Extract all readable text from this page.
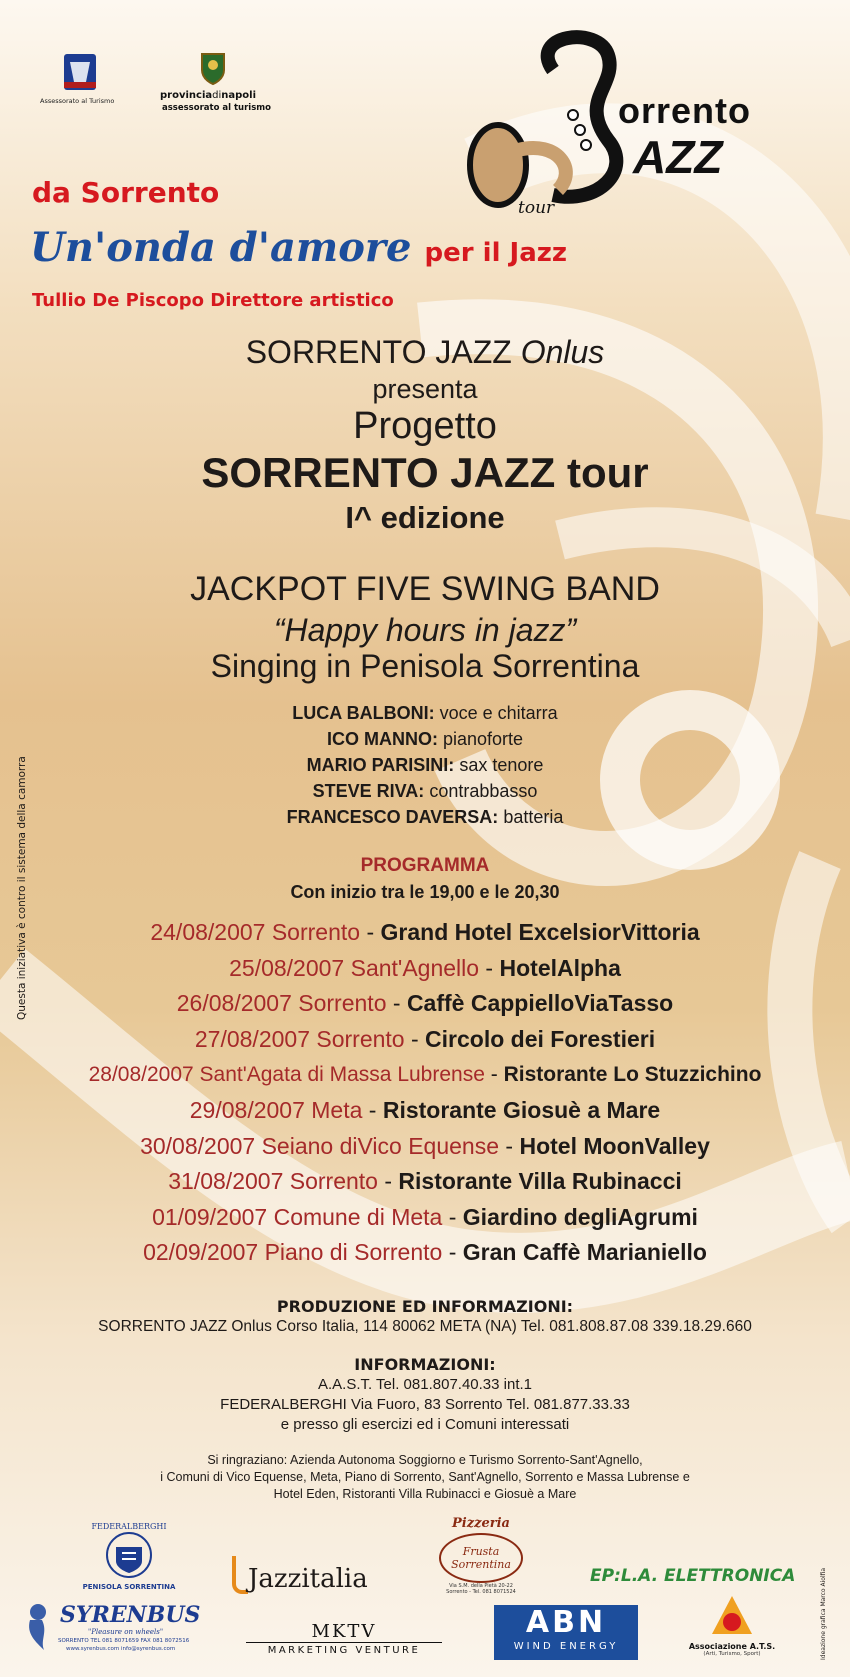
Assessorato al Turismo	provinciadinapoli
assessorato al turismo	orrento
AZZ
tour
da Sorrento
Un'onda d'amore per il Jazz
Tullio De Piscopo Direttore artistico
SORRENTO JAZZ Onlus
presenta
Progetto
SORRENTO JAZZ tour
I^ edizione
JACKPOT FIVE SWING BAND
“Happy hours in jazz”
Singing in Penisola Sorrentina
LUCA BALBONI: voce e chitarra
ICO MANNO: pianoforte
MARIO PARISINI: sax tenore
STEVE RIVA: contrabbasso
FRANCESCO DAVERSA: batteria
PROGRAMMA
Con inizio tra le 19,00 e le 20,30
24/08/2007 Sorrento - Grand Hotel ExcelsiorVittoria
25/08/2007 Sant'Agnello - HotelAlpha
26/08/2007 Sorrento - Caffè CappielloViaTasso
27/08/2007 Sorrento - Circolo dei Forestieri
28/08/2007 Sant'Agata di Massa Lubrense - Ristorante Lo Stuzzichino
29/08/2007 Meta - Ristorante Giosuè a Mare
30/08/2007 Seiano diVico Equense - Hotel MoonValley
31/08/2007 Sorrento - Ristorante Villa Rubinacci
01/09/2007 Comune di Meta - Giardino degliAgrumi
02/09/2007 Piano di Sorrento - Gran Caffè Marianiello
PRODUZIONE ED INFORMAZIONI:
SORRENTO JAZZ Onlus Corso Italia, 114 80062 META (NA) Tel. 081.808.87.08 339.18.29.660
INFORMAZIONI:
A.A.S.T. Tel. 081.807.40.33 int.1
FEDERALBERGHI Via Fuoro, 83 Sorrento Tel. 081.877.33.33
e presso gli esercizi ed i Comuni interessati
Si ringraziano: Azienda Autonoma Soggiorno e Turismo Sorrento-Sant'Agnello,
i Comuni di Vico Equense, Meta, Piano di Sorrento, Sant'Agnello, Sorrento e Massa Lubrense e
Hotel Eden, Ristoranti Villa Rubinacci e Giosuè a Mare
Questa iniziativa è contro il sistema della camorra
Ideazione grafica Marco Aiolfia
FEDERALBERGHI
PENISOLA SORRENTINA	Jazzitalia
Pizzeria
Frusta Sorrentina
Via S.M. della Pietà 20-22
Sorrento - Tel. 081 8071524
EP:L.A. ELETTRONICA
SYRENBUS
"Pleasure on wheels"
SORRENTO TEL 081 8071659 FAX 081 8072516
www.syrenbus.com info@syrenbus.com
MKTV
MARKETING VENTURE
ABN
WIND ENERGY	Associazione A.T.S.
(Arti, Turismo, Sport)
